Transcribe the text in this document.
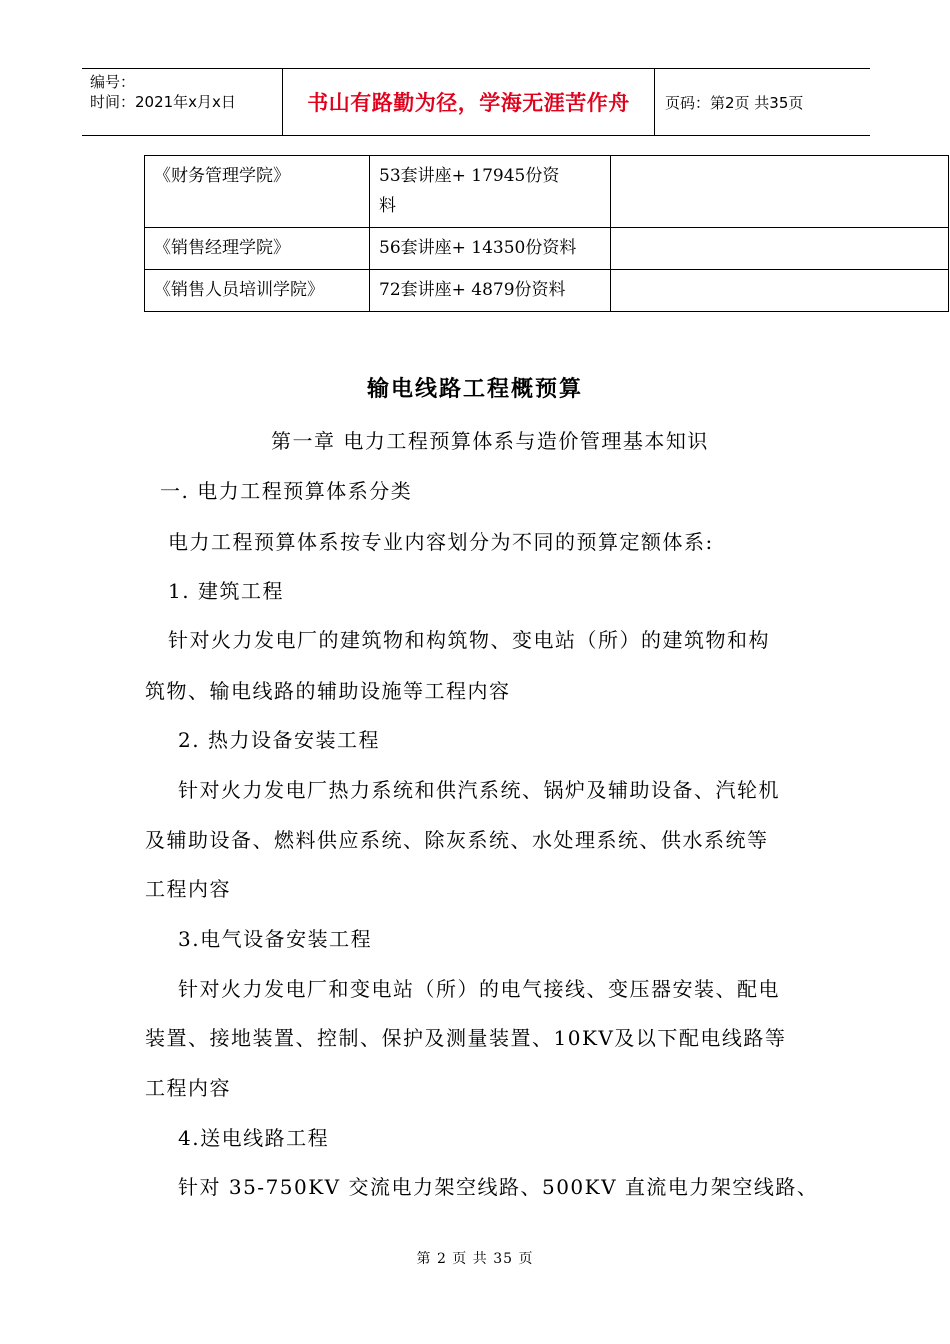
编号：
时间：2021年x月x日	书山有路勤为径，学海无涯苦作舟	页码：第2页 共35页
《财务管理学院》	53套讲座+ 17945份资
料	

《销售经理学院》	56套讲座+ 14350份资料	
《销售人员培训学院》	72套讲座+ 4879份资料	
输电线路工程概预算
第一章 电力工程预算体系与造价管理基本知识
一. 电力工程预算体系分类
电力工程预算体系按专业内容划分为不同的预算定额体系:
1. 建筑工程
针对火力发电厂的建筑物和构筑物、变电站（所）的建筑物和构
筑物、输电线路的辅助设施等工程内容
2. 热力设备安装工程
针对火力发电厂热力系统和供汽系统、锅炉及辅助设备、汽轮机
及辅助设备、燃料供应系统、除灰系统、水处理系统、供水系统等
工程内容
3.电气设备安装工程
针对火力发电厂和变电站（所）的电气接线、变压器安装、配电
装置、接地装置、控制、保护及测量装置、10KV及以下配电线路等
工程内容
4.送电线路工程
针对 35-750KV 交流电力架空线路、500KV 直流电力架空线路、
第 2 页 共 35 页
